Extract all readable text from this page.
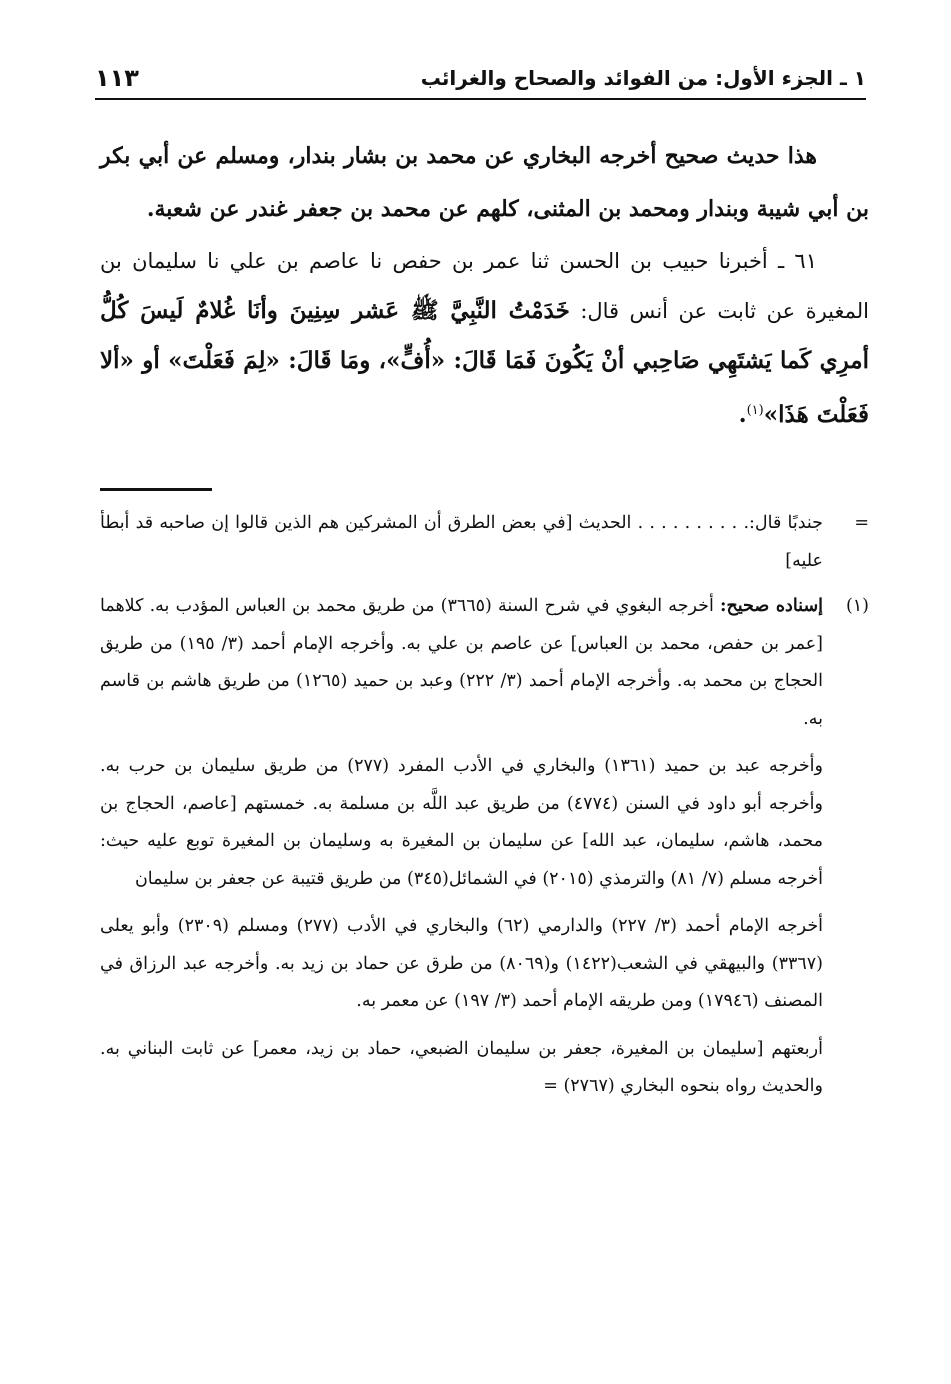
١١٣	١ ـ الجزء الأول: من الفوائد والصحاح والغرائب

هذا حديث صحيح أخرجه البخاري عن محمد بن بشار بندار، ومسلم عن أبي بكر بن أبي شيبة وبندار ومحمد بن المثنى، كلهم عن محمد بن جعفر غندر عن شعبة.

٦١ ـ أخبرنا حبيب بن الحسن ثنا عمر بن حفص نا عاصم بن علي نا سليمان بن المغيرة عن ثابت عن أنس قال: خَدَمْتُ النَّبِيَّ ﷺ عَشر سِنِينَ وأنَا غُلامٌ لَيسَ كُلُّ أمرِي كَما يَشتَهِي صَاحِبي أنْ يَكُونَ فَمَا قَالَ: «أُفٍّ»، ومَا قَالَ: «لِمَ فَعَلْتَ» أو «ألا فَعَلْتَ هَذَا»$^{(١)}$.

=
جندبًا قال:. . . . . . . . . . الحديث [في بعض الطرق أن المشركين هم الذين قالوا إن صاحبه قد أبطأ عليه]
(١)
إسناده صحيح: أخرجه البغوي في شرح السنة (٣٦٦٥) من طريق محمد بن العباس المؤدب به. كلاهما [عمر بن حفص، محمد بن العباس] عن عاصم بن علي به. وأخرجه الإمام أحمد (٣/ ١٩٥) من طريق الحجاج بن محمد به. وأخرجه الإمام أحمد (٣/ ٢٢٢) وعبد بن حميد (١٢٦٥) من طريق هاشم بن قاسم به.

وأخرجه عبد بن حميد (١٣٦١) والبخاري في الأدب المفرد (٢٧٧) من طريق سليمان بن حرب به. وأخرجه أبو داود في السنن (٤٧٧٤) من طريق عبد اللَّه بن مسلمة به. خمستهم [عاصم، الحجاج بن محمد، هاشم، سليمان، عبد الله] عن سليمان بن المغيرة به وسليمان بن المغيرة توبع عليه حيث: أخرجه مسلم (٧/ ٨١) والترمذي (٢٠١٥) في الشمائل(٣٤٥) من طريق قتيبة عن جعفر بن سليمان

أخرجه الإمام أحمد (٣/ ٢٢٧) والدارمي (٦٢) والبخاري في الأدب (٢٧٧) ومسلم (٢٣٠٩) وأبو يعلى (٣٣٦٧) والبيهقي في الشعب(١٤٢٢) و(٨٠٦٩) من طرق عن حماد بن زيد به. وأخرجه عبد الرزاق في المصنف (١٧٩٤٦) ومن طريقه الإمام أحمد (٣/ ١٩٧) عن معمر به.

أربعتهم [سليمان بن المغيرة، جعفر بن سليمان الضبعي، حماد بن زيد، معمر] عن ثابت البناني به. والحديث رواه بنحوه البخاري (٢٧٦٧) =
